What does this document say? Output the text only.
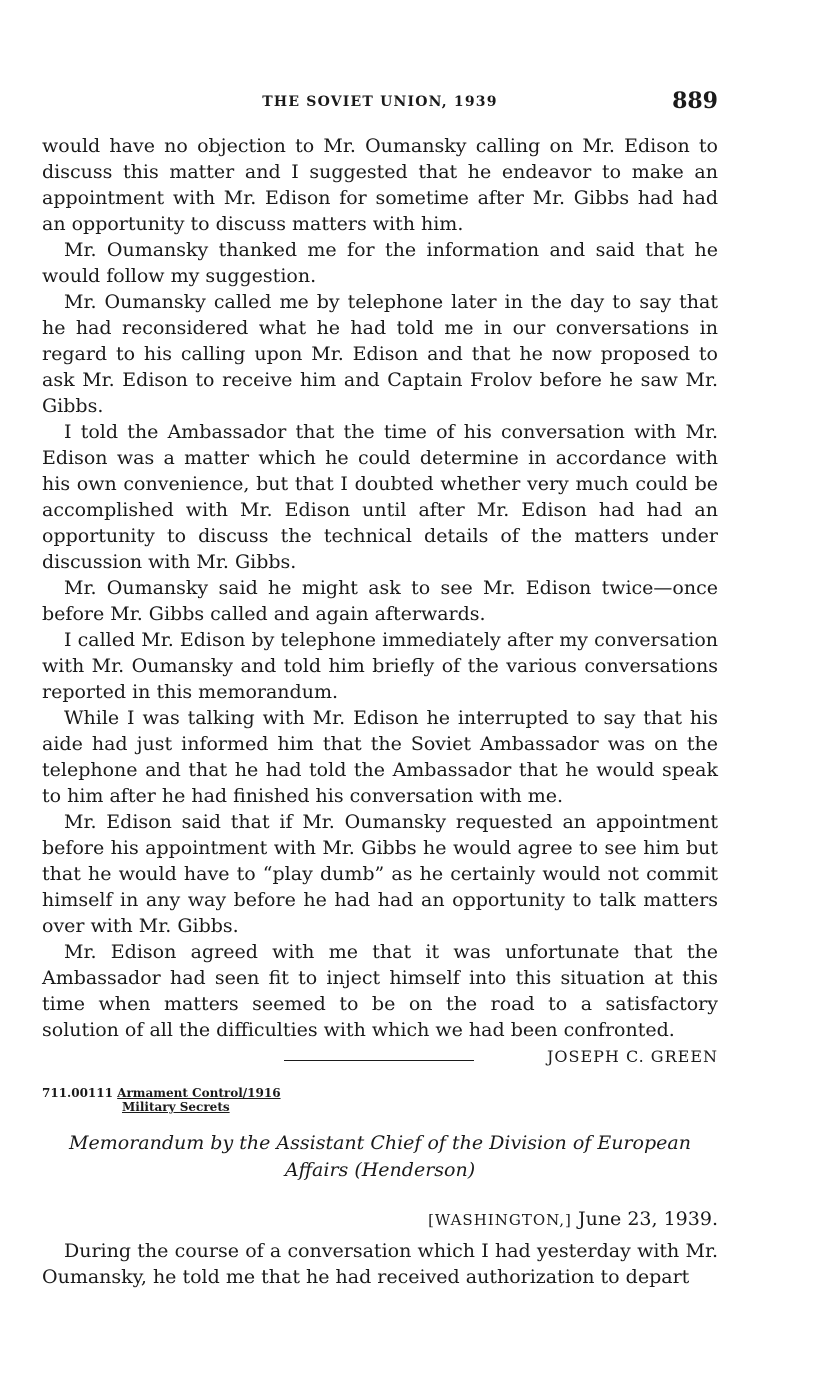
THE SOVIET UNION, 1939	889

would have no objection to Mr. Oumansky calling on Mr. Edison to discuss this matter and I suggested that he endeavor to make an appointment with Mr. Edison for sometime after Mr. Gibbs had had an opportunity to discuss matters with him.

Mr. Oumansky thanked me for the information and said that he would follow my suggestion.

Mr. Oumansky called me by telephone later in the day to say that he had reconsidered what he had told me in our conversations in regard to his calling upon Mr. Edison and that he now proposed to ask Mr. Edison to receive him and Captain Frolov before he saw Mr. Gibbs.

I told the Ambassador that the time of his conversation with Mr. Edison was a matter which he could determine in accordance with his own convenience, but that I doubted whether very much could be accomplished with Mr. Edison until after Mr. Edison had had an opportunity to discuss the technical details of the matters under discussion with Mr. Gibbs.

Mr. Oumansky said he might ask to see Mr. Edison twice—once before Mr. Gibbs called and again afterwards.

I called Mr. Edison by telephone immediately after my conversation with Mr. Oumansky and told him briefly of the various conversations reported in this memorandum.

While I was talking with Mr. Edison he interrupted to say that his aide had just informed him that the Soviet Ambassador was on the telephone and that he had told the Ambassador that he would speak to him after he had finished his conversation with me.

Mr. Edison said that if Mr. Oumansky requested an appointment before his appointment with Mr. Gibbs he would agree to see him but that he would have to “play dumb” as he certainly would not commit himself in any way before he had had an opportunity to talk matters over with Mr. Gibbs.

Mr. Edison agreed with me that it was unfortunate that the Ambassador had seen fit to inject himself into this situation at this time when matters seemed to be on the road to a satisfactory solution of all the difficulties with which we had been confronted.

JOSEPH C. GREEN
711.00111 Armament Control/1916
Military Secrets
Memorandum by the Assistant Chief of the Division of European
Affairs (Henderson)
[WASHINGTON,] June 23, 1939.

During the course of a conversation which I had yesterday with Mr. Oumansky, he told me that he had received authorization to depart
